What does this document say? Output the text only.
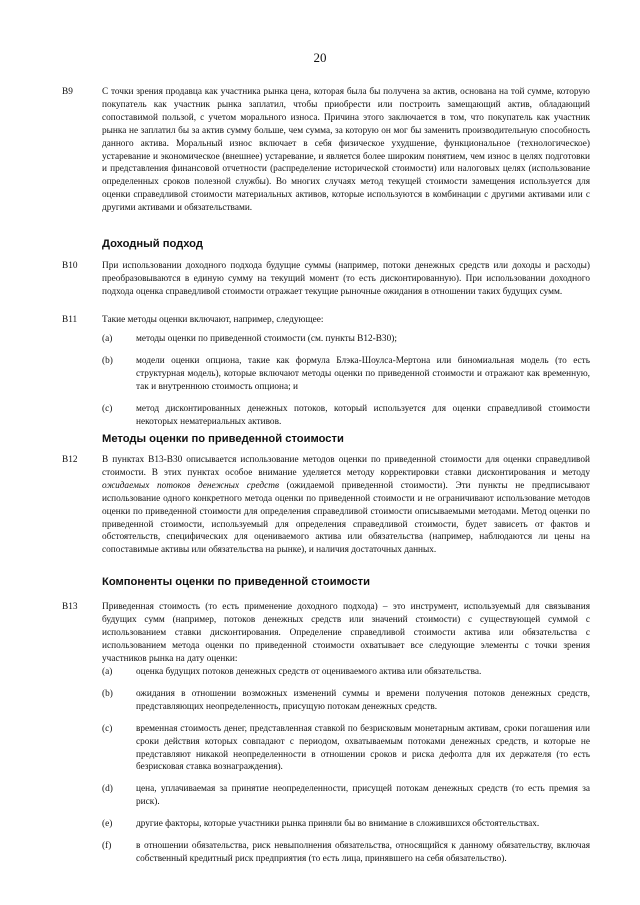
20
B9	С точки зрения продавца как участника рынка цена, которая была бы получена за актив, основана на той сумме, которую покупатель как участник рынка заплатил, чтобы приобрести или построить замещающий актив, обладающий сопоставимой пользой, с учетом морального износа. Причина этого заключается в том, что покупатель как участник рынка не заплатил бы за актив сумму больше, чем сумма, за которую он мог бы заменить производительную способность данного актива. Моральный износ включает в себя физическое ухудшение, функциональное (технологическое) устаревание и экономическое (внешнее) устаревание, и является более широким понятием, чем износ в целях подготовки и представления финансовой отчетности (распределение исторической стоимости) или налоговых целях (использование определенных сроков полезной службы). Во многих случаях метод текущей стоимости замещения используется для оценки справедливой стоимости материальных активов, которые используются в комбинации с другими активами или с другими активами и обязательствами.
Доходный подход
B10	При использовании доходного подхода будущие суммы (например, потоки денежных средств или доходы и расходы) преобразовываются в единую сумму на текущий момент (то есть дисконтированную). При использовании доходного подхода оценка справедливой стоимости отражает текущие рыночные ожидания в отношении таких будущих сумм.
B11	Такие методы оценки включают, например, следующее:
(a)	методы оценки по приведенной стоимости (см. пункты B12-B30);
(b) модели оценки опциона, такие как формула Блэка-Шоулса-Мертона или биномиальная модель (то есть структурная модель), которые включают методы оценки по приведенной стоимости и отражают как временную, так и внутреннюю стоимость опциона; и
(c)	метод дисконтированных денежных потоков, который используется для оценки справедливой стоимости некоторых нематериальных активов.
Методы оценки по приведенной стоимости
B12	В пунктах B13-B30 описывается использование методов оценки по приведенной стоимости для оценки справедливой стоимости. В этих пунктах особое внимание уделяется методу корректировки ставки дисконтирования и методу ожидаемых потоков денежных средств (ожидаемой приведенной стоимости). Эти пункты не предписывают использование одного конкретного метода оценки по приведенной стоимости и не ограничивают использование методов оценки по приведенной стоимости для определения справедливой стоимости описываемыми методами. Метод оценки по приведенной стоимости, используемый для определения справедливой стоимости, будет зависеть от фактов и обстоятельств, специфических для оцениваемого актива или обязательства (например, наблюдаются ли цены на сопоставимые активы или обязательства на рынке), и наличия достаточных данных.
Компоненты оценки по приведенной стоимости
B13	Приведенная стоимость (то есть применение доходного подхода) – это инструмент, используемый для связывания будущих сумм (например, потоков денежных средств или значений стоимости) с существующей суммой с использованием ставки дисконтирования. Определение справедливой стоимости актива или обязательства с использованием метода оценки по приведенной стоимости охватывает все следующие элементы с точки зрения участников рынка на дату оценки:
(a)	оценка будущих потоков денежных средств от оцениваемого актива или обязательства.
(b) ожидания в отношении возможных изменений суммы и времени получения потоков денежных средств, представляющих неопределенность, присущую потокам денежных средств.
(c)	временная стоимость денег, представленная ставкой по безрисковым монетарным активам, сроки погашения или сроки действия которых совпадают с периодом, охватываемым потоками денежных средств, и которые не представляют никакой неопределенности в отношении сроков и риска дефолта для их держателя (то есть безрисковая ставка вознаграждения).
(d) цена, уплачиваемая за принятие неопределенности, присущей потокам денежных средств (то есть премия за риск).
(e)	другие факторы, которые участники рынка приняли бы во внимание в сложившихся обстоятельствах.
(f)	в отношении обязательства, риск невыполнения обязательства, относящийся к данному обязательству, включая собственный кредитный риск предприятия (то есть лица, принявшего на себя обязательство).
